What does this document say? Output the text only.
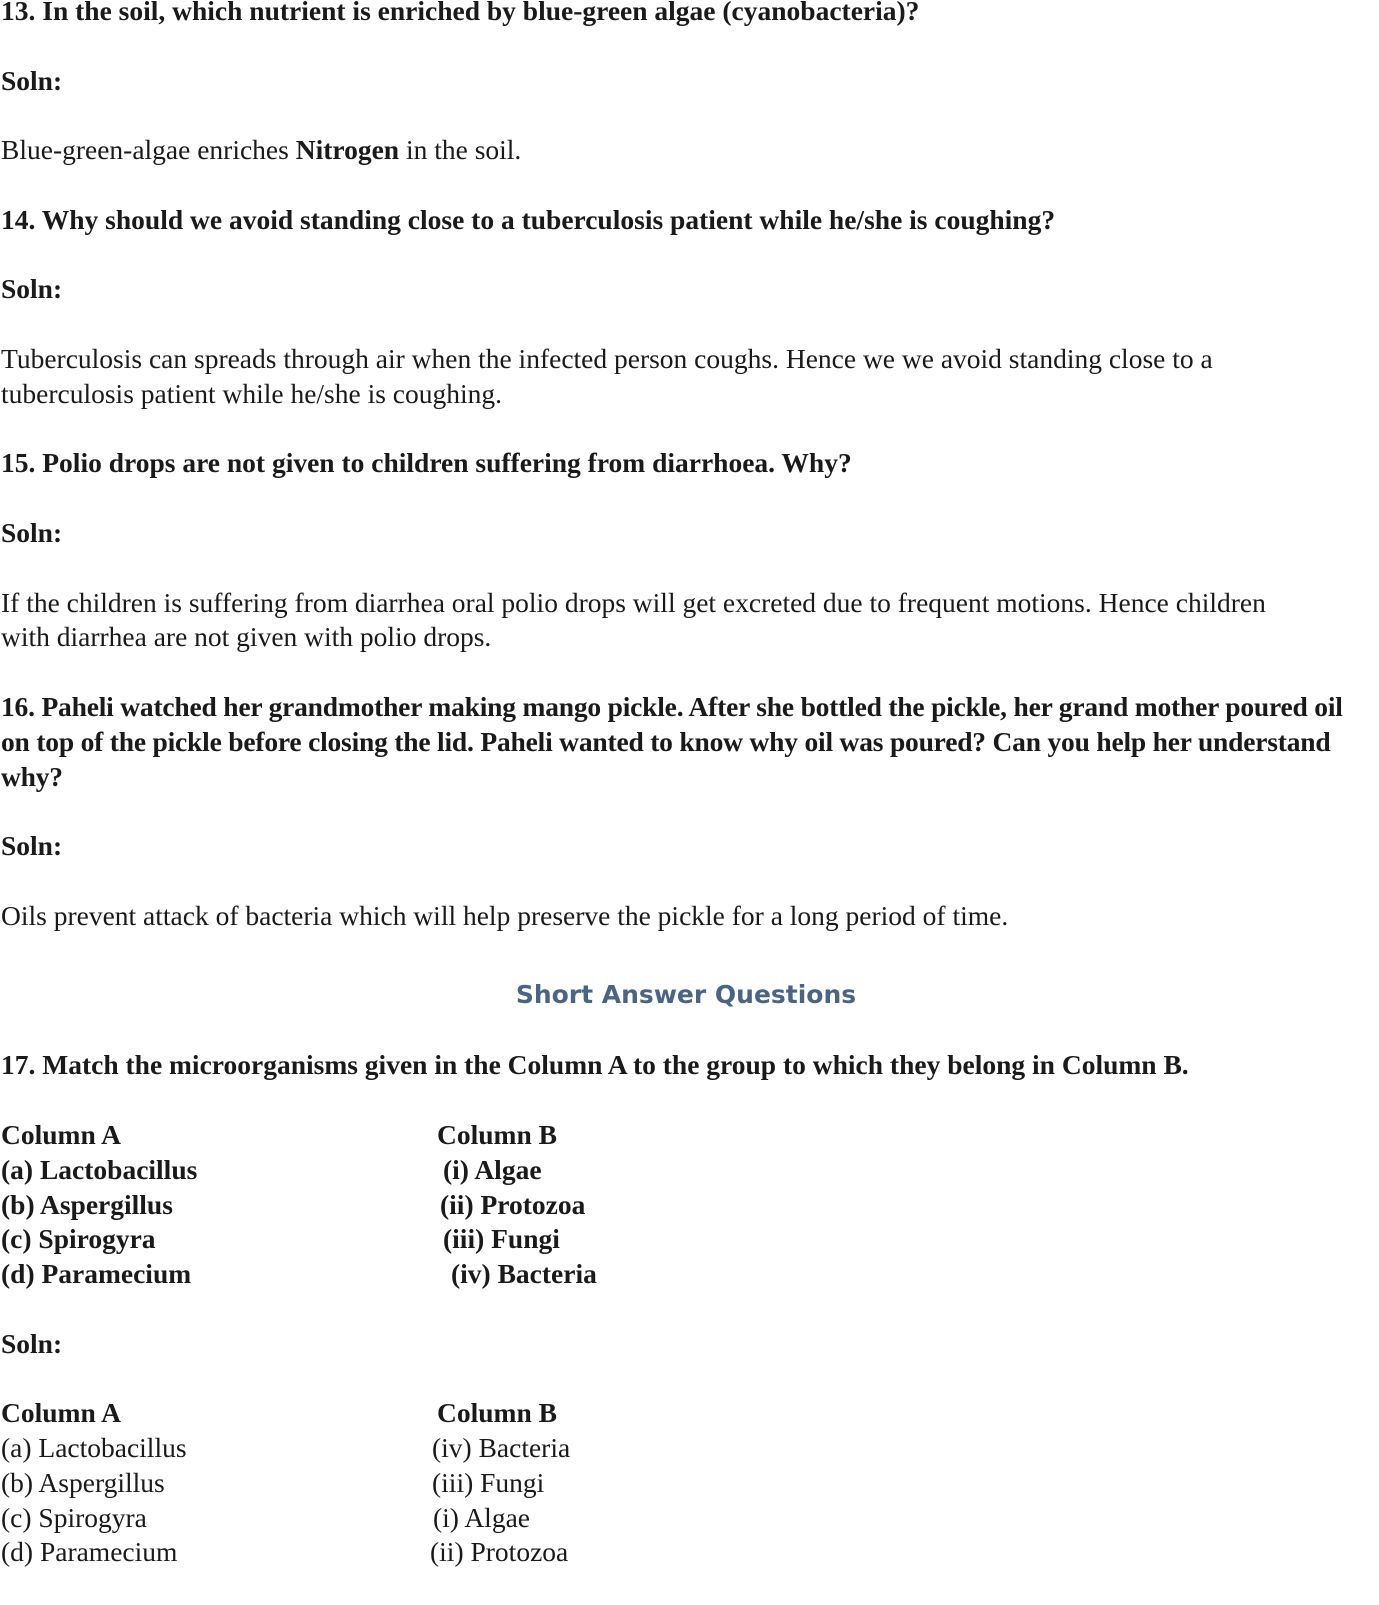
13. In the soil, which nutrient is enriched by blue-green algae (cyanobacteria)?

Soln:

Blue-green-algae enriches Nitrogen in the soil.

14. Why should we avoid standing close to a tuberculosis patient while he/she is coughing?

Soln:

Tuberculosis can spreads through air when the infected person coughs. Hence we we avoid standing close to a tuberculosis patient while he/she is coughing.

15. Polio drops are not given to children suffering from diarrhoea. Why?

Soln:

If the children is suffering from diarrhea oral polio drops will get excreted due to frequent motions. Hence children with diarrhea are not given with polio drops.

16. Paheli watched her grandmother making mango pickle. After she bottled the pickle, her grand mother poured oil on top of the pickle before closing the lid. Paheli wanted to know why oil was poured? Can you help her understand why?

Soln:

Oils prevent attack of bacteria which will help preserve the pickle for a long period of time.

Short Answer Questions

17. Match the microorganisms given in the Column A to the group to which they belong in Column B.

Column A	Column B
(a) Lactobacillus	(i) Algae
(b) Aspergillus	(ii) Protozoa
(c) Spirogyra	(iii) Fungi
(d) Paramecium	(iv) Bacteria

Soln:

Column A	Column B
(a) Lactobacillus	(iv) Bacteria
(b) Aspergillus	(iii) Fungi
(c) Spirogyra	(i) Algae
(d) Paramecium	(ii) Protozoa
